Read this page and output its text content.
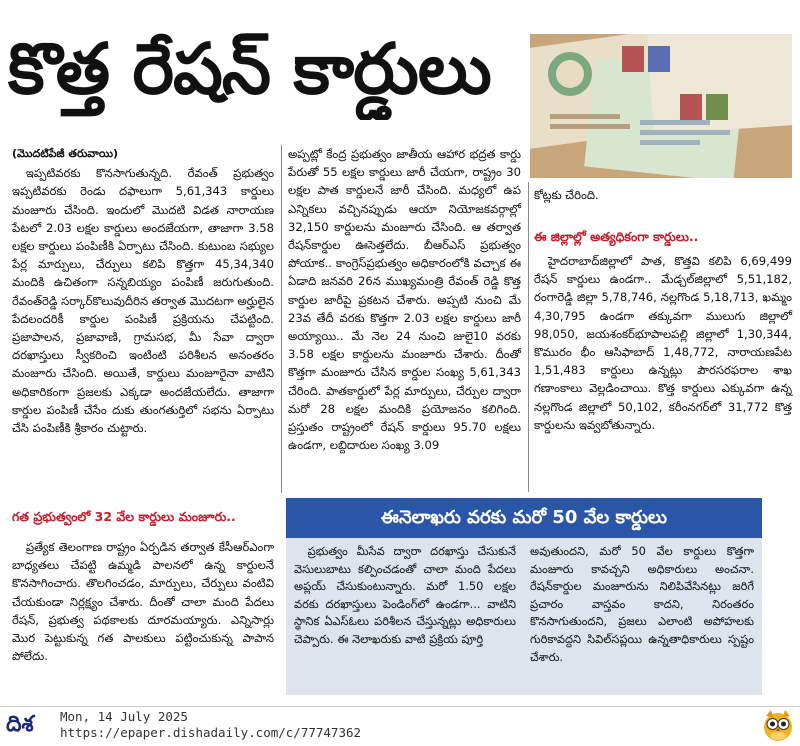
కొత్త రేషన్ కార్డులు
(మొదటిపేజీ తరువాయి)

ఇప్పటివరకు కొనసాగుతున్నది. రేవంత్ ప్రభుత్వం ఇప్పటివరకు రెండు దఫాలుగా 5,61,343 కార్డులు మంజూరు చేసింది. ఇందులో మొదటి విడత నారాయణ పేటలో 2.03 లక్షల కార్డులు అందజేయగా, తాజాగా 3.58 లక్షల కార్డులు పంపిణీకి ఏర్పాటు చేసింది. కుటుంబ సభ్యుల పేర్ల మార్పులు, చేర్పులు కలిపి కొత్తగా 45,34,340 మందికి ఉచితంగా సన్నబియ్యం పంపిణీ జరుగుతుంది. రేవంత్‌రెడ్డి సర్కార్‌కొలువుదీరిన తర్వాత మొదటగా అర్హులైన పేదలందరికీ కార్డుల పంపిణీ ప్రక్రియను చేపట్టింది. ప్రజాపాలన, ప్రజావాణి, గ్రామసభ, మీ సేవా ద్వారా దరఖాస్తులు స్వీకరించి ఇంటింటి పరిశీలన అనంతరం మంజూరు చేసింది. అయితే, కార్డులు మంజూరైనా వాటిని అధికారికంగా ప్రజలకు ఎక్కడా అందజేయలేదు. తాజాగా కార్డుల పంపిణీ చేసేం దుకు తుంగతుర్తిలో సభను ఏర్పాటు చేసి పంపిణీకి శ్రీకారం చుట్టారు.

గత ప్రభుత్వంలో 32 వేల కార్డులు మంజూరు..

ప్రత్యేక తెలంగాణ రాష్ట్రం ఏర్పడిన తర్వాత కేసీఆర్‌ఎంగా బాధ్యతలు చేపట్టి ఉమ్మడి పాలనలో ఉన్న కార్డులనే కొనసాగించారు. తొలగించడం, మార్పులు, చేర్పులు వంటివి చేయకుండా నిర్లక్ష్యం చేశారు. దీంతో చాలా మంది పేదలు రేషన్, ప్రభుత్వ పథకాలకు దూరమయ్యారు. ఎన్నిసార్లు మొర పెట్టుకున్న గత పాలకులు పట్టించుకున్న పాపాన పోలేదు.

అప్పట్లో కేంద్ర ప్రభుత్వం జాతీయ ఆహార భద్రత కార్డు పేరుతో 55 లక్షల కార్డులు జారీ చేయగా, రాష్ట్రం 30 లక్షల పాత కార్డులనే జారీ చేసింది. మధ్యలో ఉప ఎన్నికలు వచ్చినప్పుడు ఆయా నియోజకవర్గాల్లో 32,150 కార్డులను మంజూరు చేసింది. ఆ తర్వాత రేషన్‌కార్డుల ఊసెత్తలేదు. బీఆర్ఎస్ ప్రభుత్వం పోయాక.. కాంగ్రెస్‌ప్రభుత్వం అధికారంలోకి వచ్చాక ఈ ఏడాది జనవరి 26న ముఖ్యమంత్రి రేవంత్ రెడ్డి కొత్త కార్డుల జారీపై ప్రకటన చేశారు. అప్పటి నుంచి మే 23వ తేదీ వరకు కొత్తగా 2.03 లక్షల కార్డులు జారీ అయ్యాయి.. మే నెల 24 నుంచి జులై10 వరకు 3.58 లక్షల కార్డులను మంజూరు చేశారు. దీంతో కొత్తగా మంజూరు చేసిన కార్డుల సంఖ్య 5,61,343 చేరింది. పాతకార్డులో పేర్ల మార్పులు, చేర్పుల ద్వారా మరో 28 లక్షల మందికి ప్రయోజనం కలిగింది. ప్రస్తుతం రాష్ట్రంలో రేషన్ కార్డులు 95.70 లక్షలు ఉండగా, లబ్దిదారుల సంఖ్య 3.09

కోట్లకు చేరింది.

ఈ జిల్లాల్లో అత్యధికంగా కార్డులు..

హైదరాబాద్‌జిల్లాలో పాత, కొత్తవి కలిపి 6,69,499 రేషన్ కార్డులు ఉండగా.. మేడ్చల్‌జిల్లాలో 5,51,182, రంగారెడ్డి జిల్లా 5,78,746, నల్లగొండ 5,18,713, ఖమ్మం 4,30,795 ఉండగా తక్కువగా ములుగు జిల్లాలో 98,050, జయశంకర్‌భూపాలపల్లి జిల్లాలో 1,30,344, కొమురం భీం ఆసిఫాబాద్ 1,48,772, నారాయణపేట 1,51,483 కార్డులు ఉన్నట్లు పౌరసరఫరాల శాఖ గణాంకాలు వెల్లడించాయి. కొత్త కార్డులు ఎక్కువగా ఉన్న నల్లగొండ జిల్లాలో 50,102, కరీంనగర్‌లో 31,772 కొత్త కార్డులను ఇవ్వబోతున్నారు.

ఈనెలాఖరు వరకు మరో 50 వేల కార్డులు

ప్రభుత్వం మీసేవ ద్వారా దరఖాస్తు చేసుకునే వెసులుబాటు కల్పించడంతో చాలా మంది పేదలు అప్లయ్ చేసుకుంటున్నారు. మరో 1.50 లక్షల వరకు దరఖాస్తులు పెండింగ్‌లో ఉండగా... వాటిని స్థానిక ఏఎస్‌ఓలు పరిశీలన చేస్తున్నట్లు అధికారులు చెప్పారు. ఈ నెలాఖరుకు వాటి ప్రక్రియ పూర్తి

అవుతుందని, మరో 50 వేల కార్డులు కొత్తగా మంజూరు కావచ్చని అధికారులు అంచనా. రేషన్‌కార్డుల మంజూరును నిలిపివేసినట్లు జరిగే ప్రచారం వాస్తవం కాదని, నిరంతరం కొనసాగుతుందని, ప్రజలు ఎలాంటి అపోహలకు గురికావద్దని సివిల్‌సప్లయి ఉన్నతాధికారులు స్పష్టం చేశారు.

దిశ Mon, 14 July 2025
https://epaper.dishadaily.com/c/77747362
